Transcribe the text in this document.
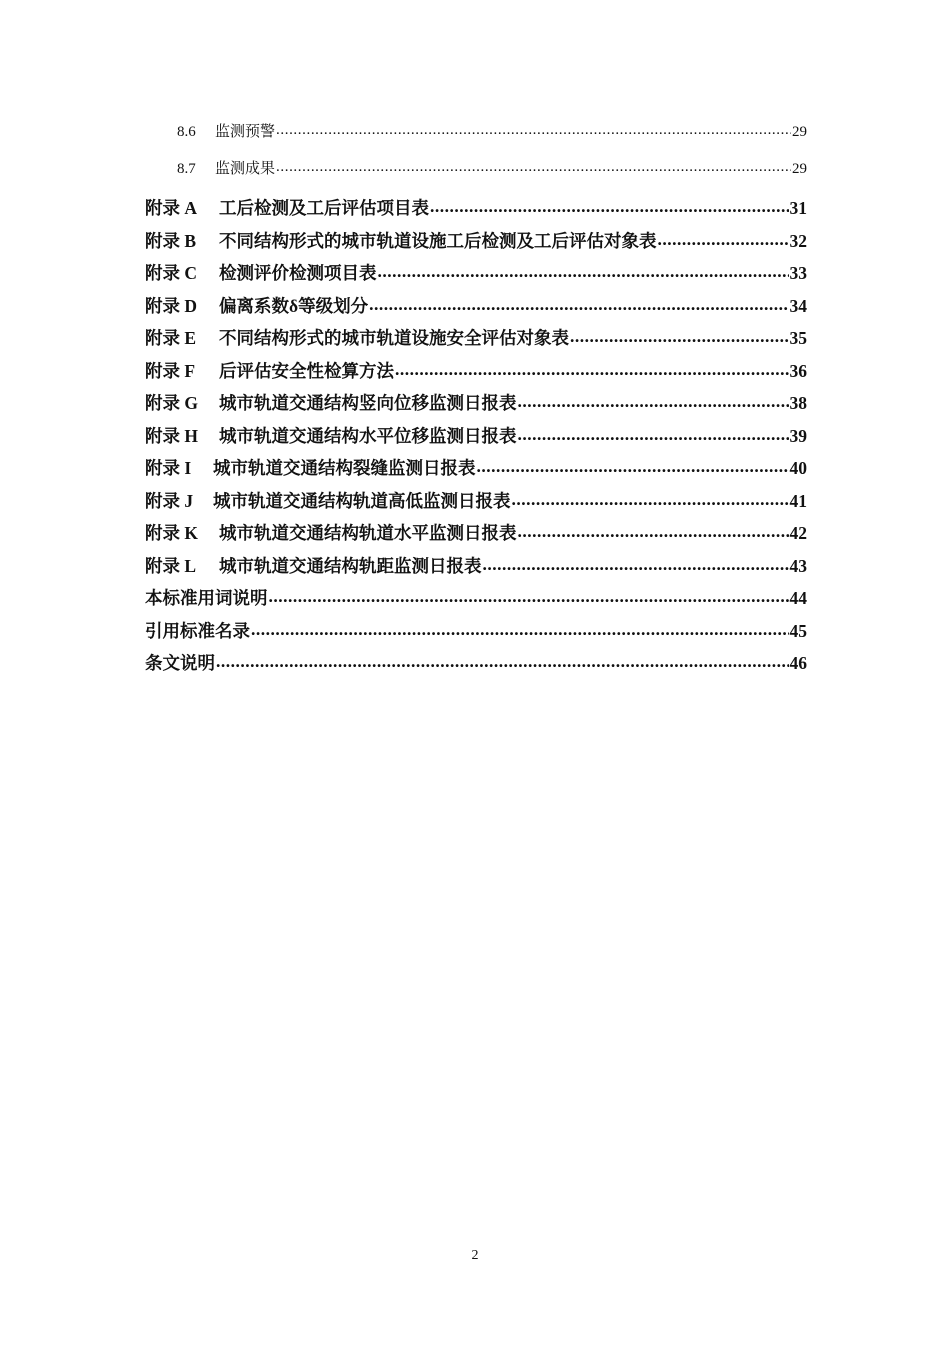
8.6	监测预警 .....	29
8.7	监测成果 .....	29
附录 A	工后检测及工后评估项目表 .....	31
附录 B	不同结构形式的城市轨道设施工后检测及工后评估对象表 .....	32
附录 C	检测评价检测项目表 .....	33
附录 D	偏离系数δ等级划分 .....	34
附录 E	不同结构形式的城市轨道设施安全评估对象表 .....	35
附录 F	后评估安全性检算方法 .....	36
附录 G	城市轨道交通结构竖向位移监测日报表 .....	38
附录 H	城市轨道交通结构水平位移监测日报表 .....	39
附录 I	城市轨道交通结构裂缝监测日报表 .....	40
附录 J	城市轨道交通结构轨道高低监测日报表 .....	41
附录 K	城市轨道交通结构轨道水平监测日报表 .....	42
附录 L	城市轨道交通结构轨距监测日报表 .....	43
本标准用词说明 .....	44
引用标准名录 .....	45
条文说明 .....	46
2
